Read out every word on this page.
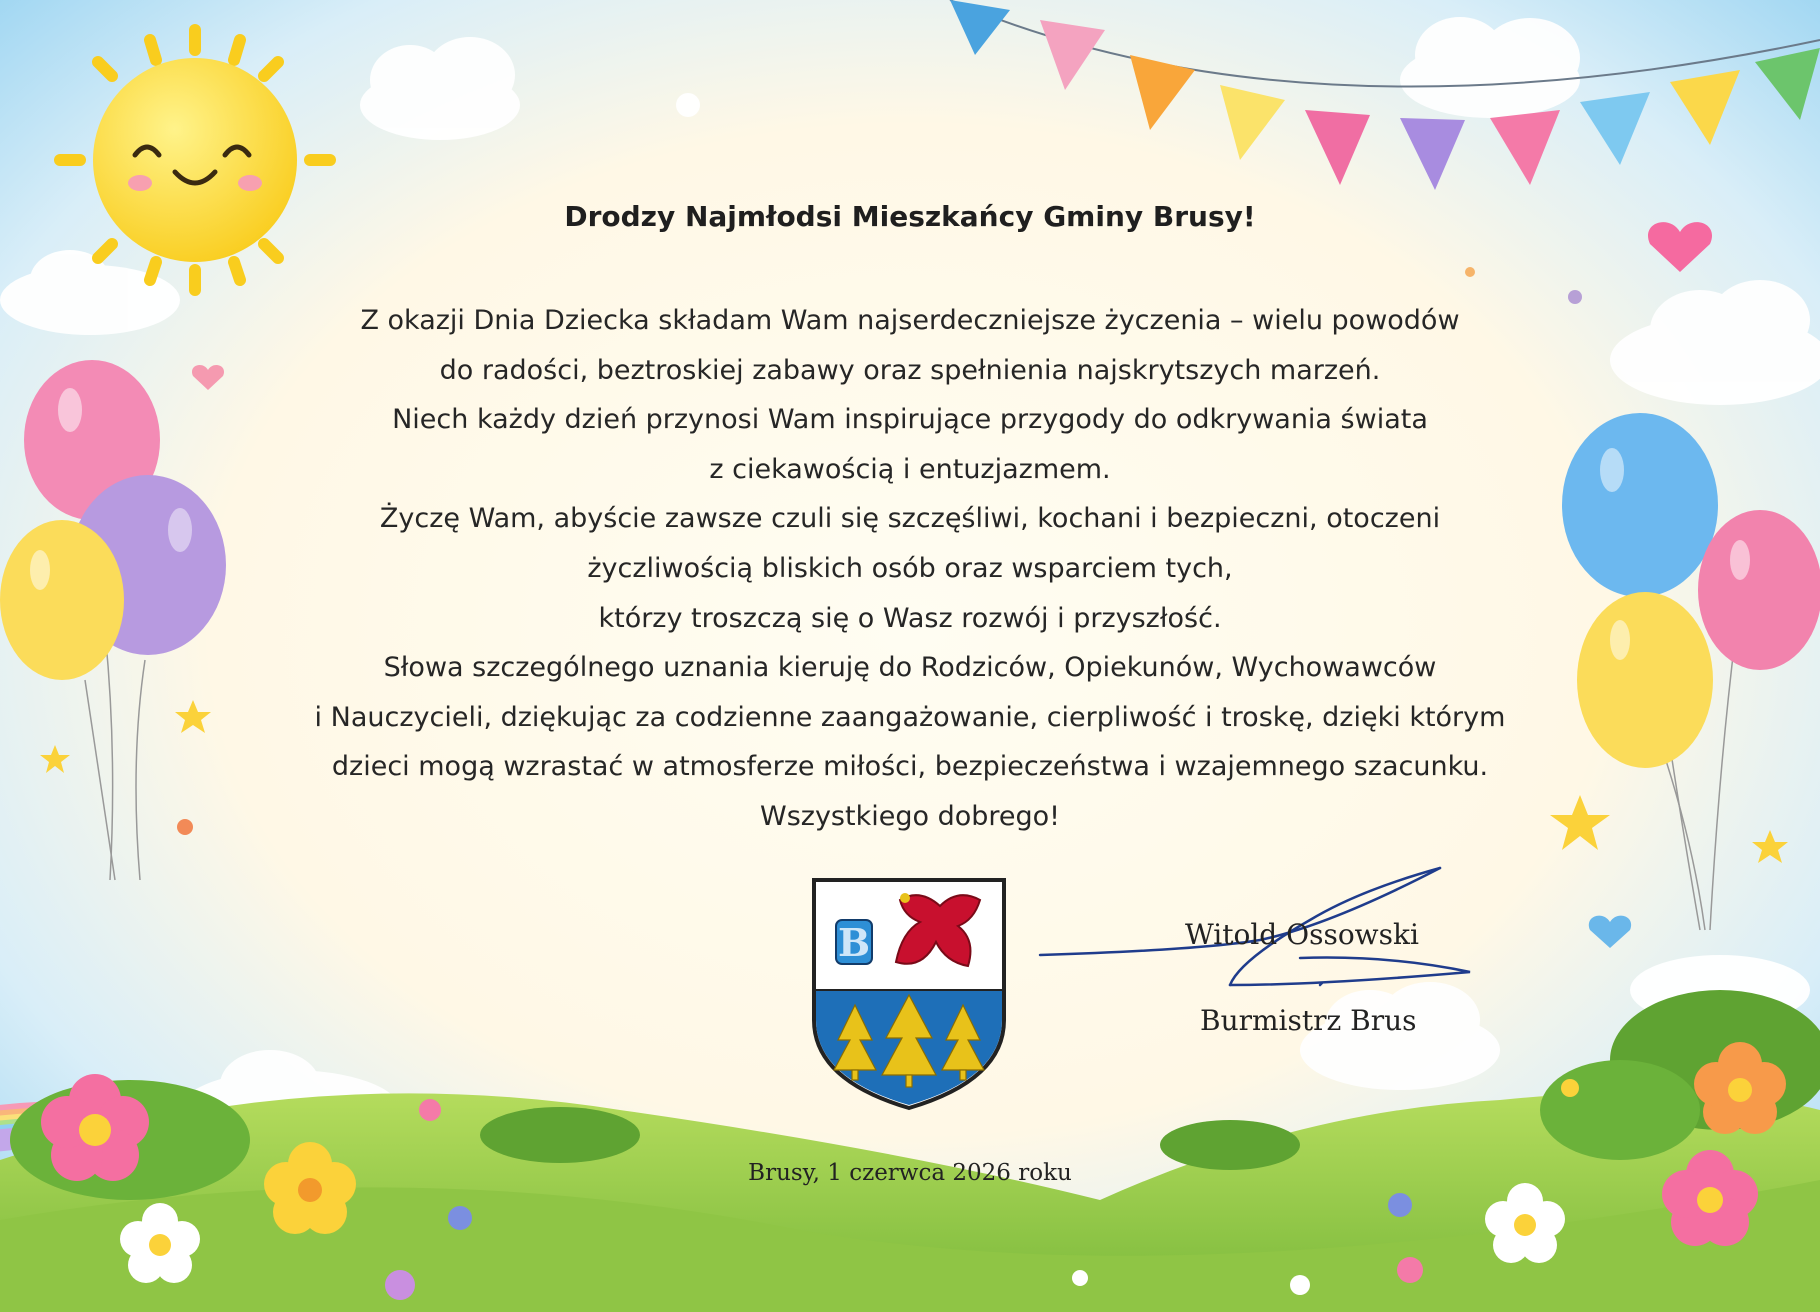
B
Drodzy Najmłodsi Mieszkańcy Gminy Brusy!
Z okazji Dnia Dziecka składam Wam najserdeczniejsze życzenia – wielu powodów
do radości, beztroskiej zabawy oraz spełnienia najskrytszych marzeń.
Niech każdy dzień przynosi Wam inspirujące przygody do odkrywania świata
z ciekawością i entuzjazmem.
Życzę Wam, abyście zawsze czuli się szczęśliwi, kochani i bezpieczni, otoczeni
życzliwością bliskich osób oraz wsparciem tych,
którzy troszczą się o Wasz rozwój i przyszłość.
Słowa szczególnego uznania kieruję do Rodziców, Opiekunów, Wychowawców
i Nauczycieli, dziękując za codzienne zaangażowanie, cierpliwość i troskę, dzięki którym
dzieci mogą wzrastać w atmosferze miłości, bezpieczeństwa i wzajemnego szacunku.
Wszystkiego dobrego!
Witold Ossowski
Burmistrz Brus
Brusy, 1 czerwca 2026 roku
